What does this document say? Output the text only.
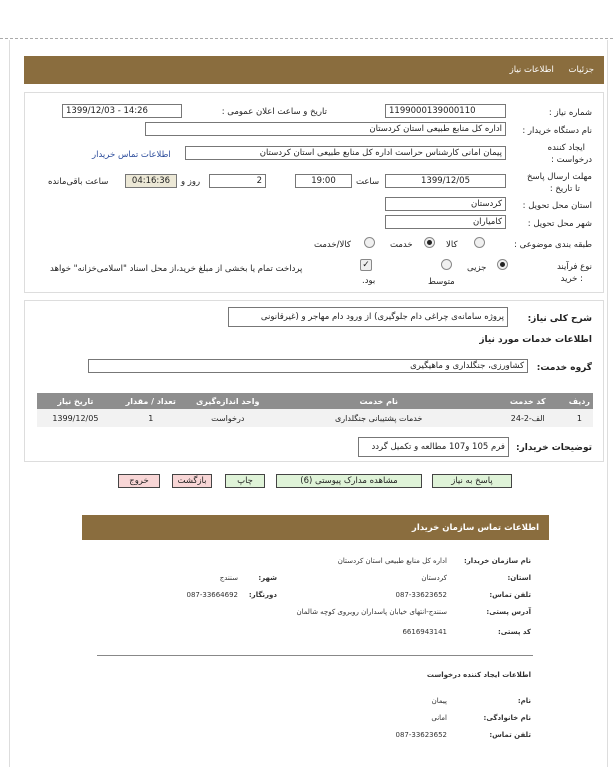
جزئیات اطلاعات نیاز
شماره نیاز :
1199000139000110
تاریخ و ساعت اعلان عمومی :
1399/12/03 - 14:26
نام دستگاه خریدار :
اداره کل منابع طبیعی استان کردستان
ایجاد کننده
درخواست :
پیمان امانی کارشناس حراست اداره کل منابع طبیعی استان کردستان
اطلاعات تماس خریدار
مهلت ارسال پاسخ
تا تاریخ :
1399/12/05
ساعت
19:00
2
روز و
04:16:36
ساعت باقی‌مانده
استان محل تحویل :
کردستان
شهر محل تحویل :
کامیاران
طبقه بندی موضوعی :
کالا
خدمت
کالا/خدمت
نوع فرآیند
: خرید
جزیی
متوسط
✓
پرداخت تمام یا بخشی از مبلغ خرید،از محل اسناد "اسلامی‌خزانه" خواهد
بود.
شرح کلی نیاز:
پروژه سامانه‌ی چراغی دام جلوگیری) از ورود دام مهاجر و (غیرقانونی
اطلاعات خدمات مورد نیاز
گروه خدمت:
کشاورزی، جنگلداری و ماهیگیری
ردیف	کد خدمت	نام خدمت	واحد اندازه‌گیری	تعداد / مقدار	تاریخ نیاز
1	الف-2-24	خدمات پشتیبانی جنگلداری	درخواست	1	1399/12/05
توضیحات خریدار:
فرم 105 و107 مطالعه و تکمیل گردد
پاسخ به نیاز
مشاهده مدارک پیوستی (6)
چاپ
بازگشت
خروج
اطلاعات تماس سازمان خریدار
نام سازمان خریدار:
اداره کل منابع طبیعی استان کردستان
استان:
کردستان
شهر:
سنندج
تلفن تماس:
087-33623652
دورنگار:
087-33664692
آدرس پستی:
سنندج-انتهای خیابان پاسداران روبروی کوچه شالمان
کد پستی:
6616943141
اطلاعات ایجاد کننده درخواست
نام:
پیمان
نام خانوادگی:
امانی
تلفن تماس:
087-33623652
